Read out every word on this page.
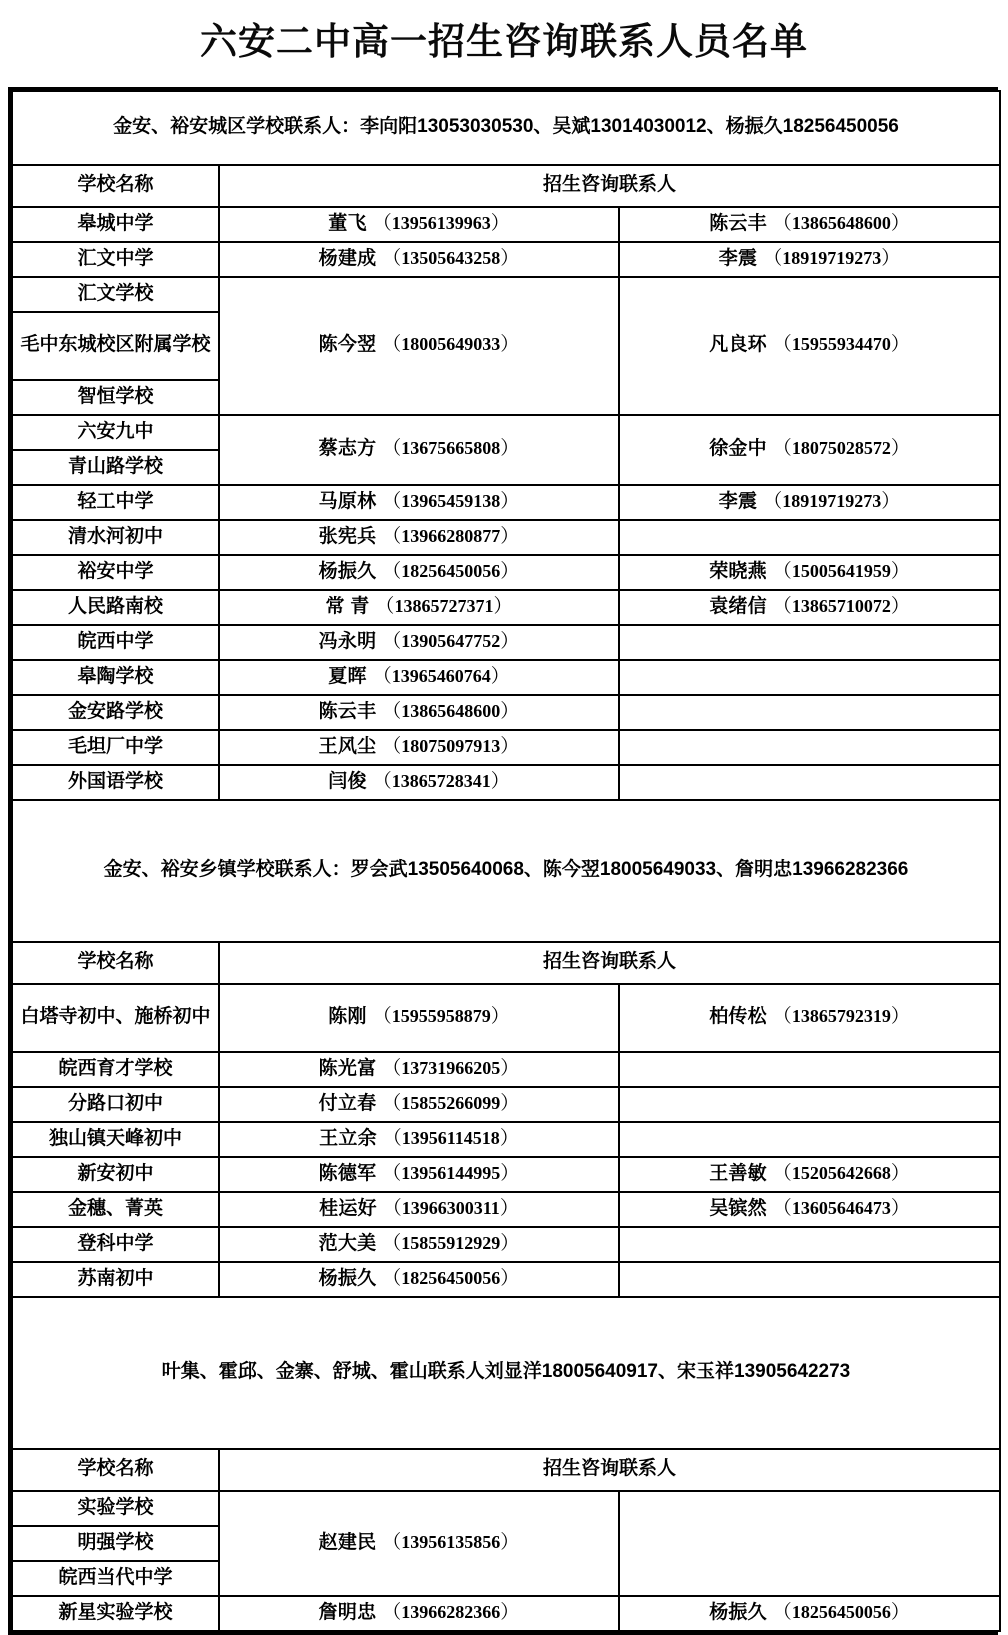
六安二中高一招生咨询联系人员名单
金安、裕安城区学校联系人：李向阳13053030530、吴斌13014030012、杨振久18256450056		
学校名称	招生咨询联系人	
皋城中学	董飞 （13956139963）	陈云丰 （13865648600）
汇文中学	杨建成 （13505643258）	李震 （18919719273）
汇文学校	陈今翌 （18005649033）	凡良环 （15955934470）
毛中东城校区附属学校		
智恒学校		
六安九中	蔡志方 （13675665808）	徐金中 （18075028572）
青山路学校		
轻工中学	马原林 （13965459138）	李震 （18919719273）
清水河初中	张宪兵 （13966280877）	
裕安中学	杨振久 （18256450056）	荣晓燕 （15005641959）
人民路南校	常 青 （13865727371）	袁绪信 （13865710072）
皖西中学	冯永明 （13905647752）	
皋陶学校	夏晖 （13965460764）	
金安路学校	陈云丰 （13865648600）	
毛坦厂中学	王风尘 （18075097913）	
外国语学校	闫俊 （13865728341）	
金安、裕安乡镇学校联系人：罗会武13505640068、陈今翌18005649033、詹明忠13966282366		
学校名称	招生咨询联系人	
白塔寺初中、施桥初中	陈刚 （15955958879）	柏传松 （13865792319）
皖西育才学校	陈光富 （13731966205）	
分路口初中	付立春 （15855266099）	
独山镇天峰初中	王立余 （13956114518）	
新安初中	陈德军 （13956144995）	王善敏 （15205642668）
金穗、菁英	桂运好 （13966300311）	吴镔然 （13605646473）
登科中学	范大美 （15855912929）	
苏南初中	杨振久 （18256450056）	
叶集、霍邱、金寨、舒城、霍山联系人刘显洋18005640917、宋玉祥13905642273		
学校名称	招生咨询联系人	
实验学校	赵建民 （13956135856）	
明强学校		
皖西当代中学		
新星实验学校	詹明忠 （13966282366）	杨振久 （18256450056）
